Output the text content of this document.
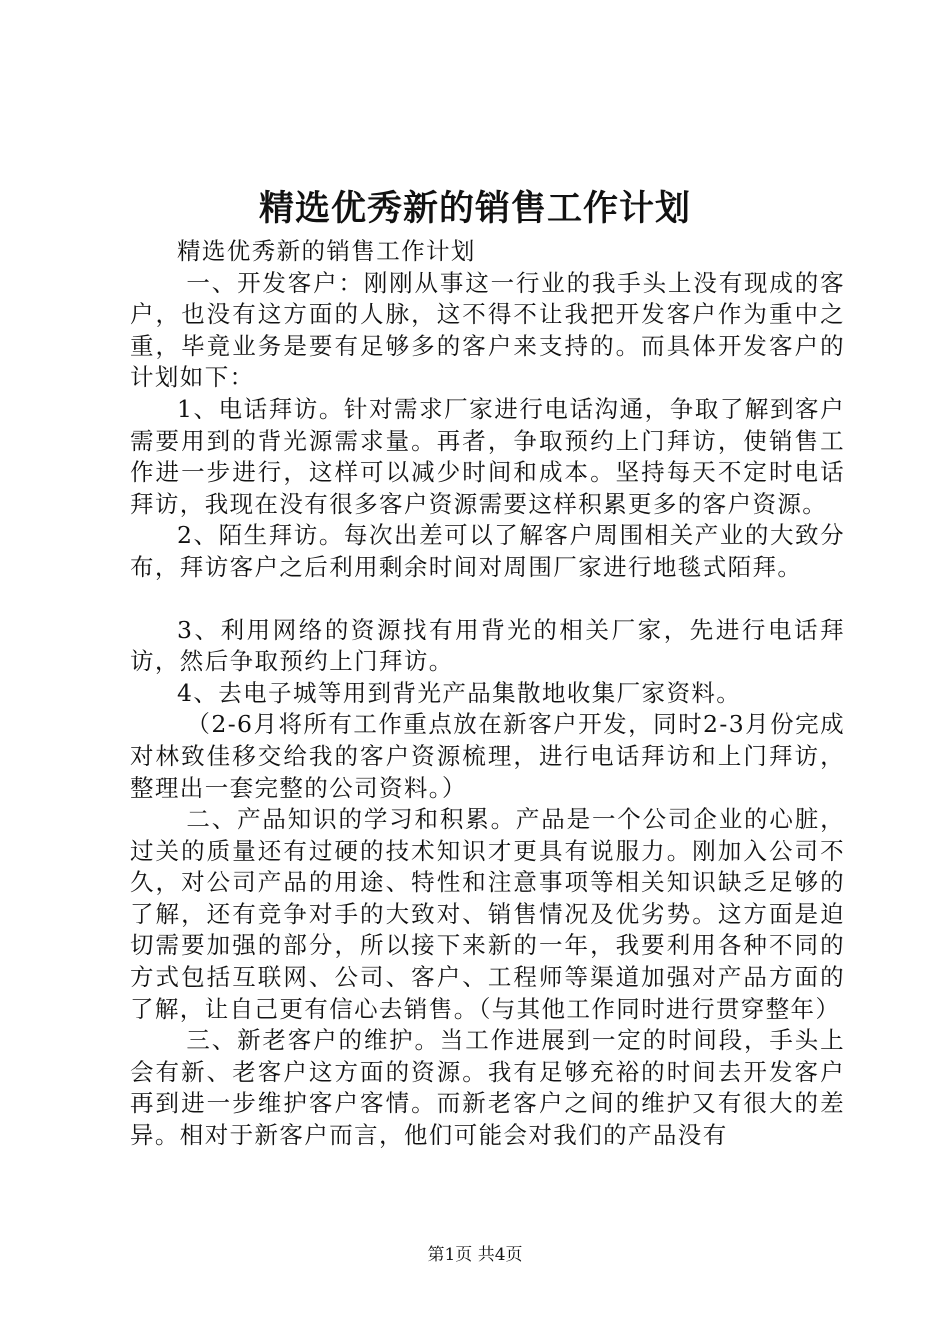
精选优秀新的销售工作计划

精选优秀新的销售工作计划

一、开发客户：刚刚从事这一行业的我手头上没有现成的客户，也没有这方面的人脉，这不得不让我把开发客户作为重中之重，毕竟业务是要有足够多的客户来支持的。而具体开发客户的计划如下：

1、电话拜访。针对需求厂家进行电话沟通，争取了解到客户需要用到的背光源需求量。再者，争取预约上门拜访，使销售工作进一步进行，这样可以减少时间和成本。坚持每天不定时电话拜访，我现在没有很多客户资源需要这样积累更多的客户资源。

2、陌生拜访。每次出差可以了解客户周围相关产业的大致分布，拜访客户之后利用剩余时间对周围厂家进行地毯式陌拜。

3、利用网络的资源找有用背光的相关厂家，先进行电话拜访，然后争取预约上门拜访。

4、去电子城等用到背光产品集散地收集厂家资料。

（2-6月将所有工作重点放在新客户开发，同时2-3月份完成对林致佳移交给我的客户资源梳理，进行电话拜访和上门拜访，整理出一套完整的公司资料。）

二、产品知识的学习和积累。产品是一个公司企业的心脏，过关的质量还有过硬的技术知识才更具有说服力。刚加入公司不久，对公司产品的用途、特性和注意事项等相关知识缺乏足够的了解，还有竞争对手的大致对、销售情况及优劣势。这方面是迫切需要加强的部分，所以接下来新的一年，我要利用各种不同的方式包括互联网、公司、客户、工程师等渠道加强对产品方面的了解，让自己更有信心去销售。（与其他工作同时进行贯穿整年）

三、新老客户的维护。当工作进展到一定的时间段，手头上会有新、老客户这方面的资源。我有足够充裕的时间去开发客户再到进一步维护客户客情。而新老客户之间的维护又有很大的差异。相对于新客户而言，他们可能会对我们的产品没有

第1页 共4页
